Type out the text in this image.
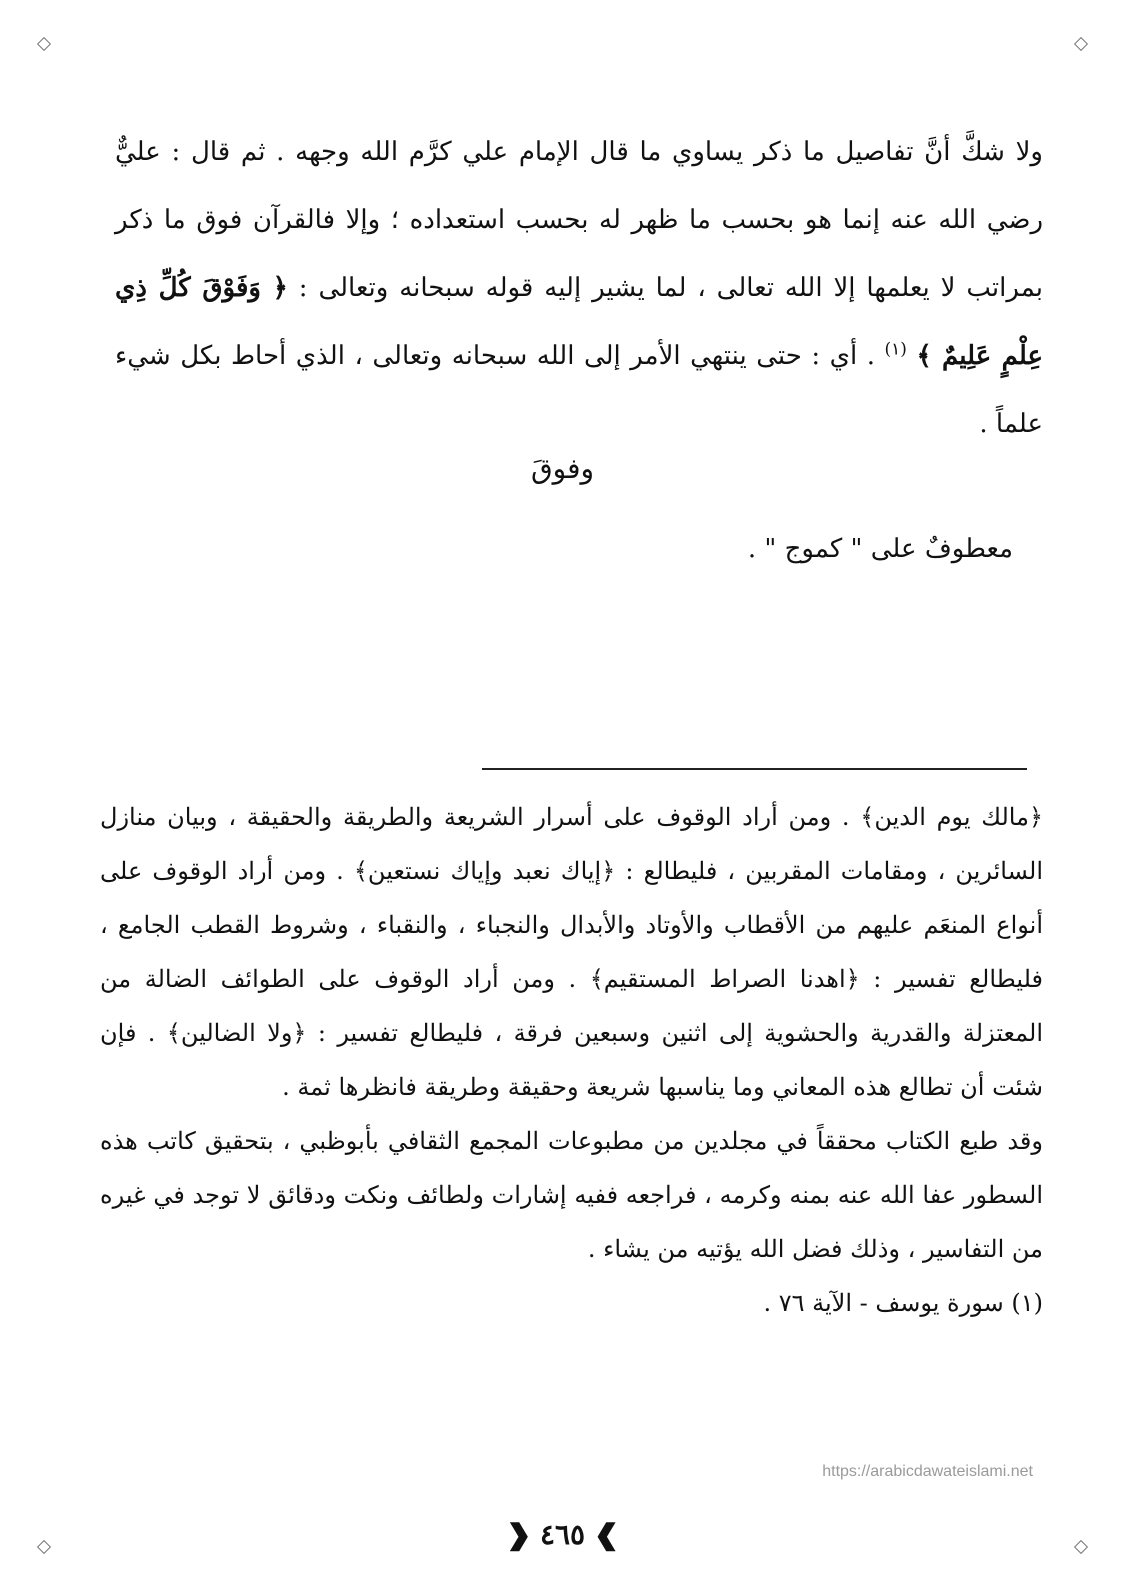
ولا شكَّ أنَّ تفاصيل ما ذكر يساوي ما قال الإمام علي كرَّم الله وجهه . ثم قال : عليٌّ رضي الله عنه إنما هو بحسب ما ظهر له بحسب استعداده ؛ وإلا فالقرآن فوق ما ذكر بمراتب لا يعلمها إلا الله تعالى ، لما يشير إليه قوله سبحانه وتعالى : ﴿ وَفَوْقَ كُلِّ ذِي عِلْمٍ عَلِيمٌ ﴾ $^{(١)}$ . أي : حتى ينتهي الأمر إلى الله سبحانه وتعالى ، الذي أحاط بكل شيء علماً .

وفوقَ
معطوفٌ على " كموج " .

﴿مالك يوم الدين﴾ . ومن أراد الوقوف على أسرار الشريعة والطريقة والحقيقة ، وبيان منازل السائرين ، ومقامات المقربين ، فليطالع : ﴿إياك نعبد وإياك نستعين﴾ . ومن أراد الوقوف على أنواع المنعَم عليهم من الأقطاب والأوتاد والأبدال والنجباء ، والنقباء ، وشروط القطب الجامع ، فليطالع تفسير : ﴿اهدنا الصراط المستقيم﴾ . ومن أراد الوقوف على الطوائف الضالة من المعتزلة والقدرية والحشوية إلى اثنين وسبعين فرقة ، فليطالع تفسير : ﴿ولا الضالين﴾ . فإن شئت أن تطالع هذه المعاني وما يناسبها شريعة وحقيقة وطريقة فانظرها ثمة .

وقد طبع الكتاب محققاً في مجلدين من مطبوعات المجمع الثقافي بأبوظبي ، بتحقيق كاتب هذه السطور عفا الله عنه بمنه وكرمه ، فراجعه ففيه إشارات ولطائف ونكت ودقائق لا توجد في غيره من التفاسير ، وذلك فضل الله يؤتيه من يشاء .

(١) سورة يوسف - الآية ٧٦ .

https://arabicdawateislami.net
❱ ٤٦٥ ❰
